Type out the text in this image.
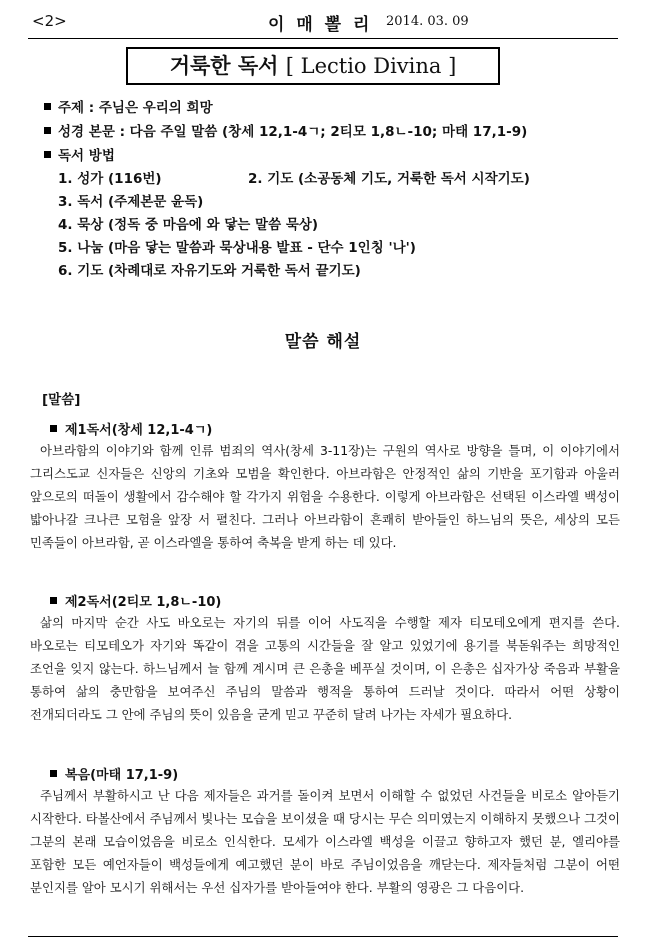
<2>	이 매 뽈 리 2014. 03. 09
거룩한 독서 [ Lectio Divina ]
주제 : 주님은 우리의 희망
성경 본문 : 다음 주일 말씀 (창세 12,1-4ㄱ; 2티모 1,8ㄴ-10; 마태 17,1-9)
독서 방법
1. 성가 (116번)	2. 기도 (소공동체 기도, 거룩한 독서 시작기도)
3. 독서 (주제본문 윤독)
4. 묵상 (정독 중 마음에 와 닿는 말씀 묵상)
5. 나눔 (마음 닿는 말씀과 묵상내용 발표 - 단수 1인칭 '나')
6. 기도 (차례대로 자유기도와 거룩한 독서 끝기도)
말씀 해설
[말씀]
제1독서(창세 12,1-4ㄱ)
아브라함의 이야기와 함께 인류 범죄의 역사(창세 3-11장)는 구원의 역사로 방향을 틀며, 이 이야기에서 그리스도교 신자들은 신앙의 기초와 모범을 확인한다. 아브라함은 안정적인 삶의 기반을 포기함과 아울러 앞으로의 떠돌이 생활에서 감수해야 할 각가지 위험을 수용한다. 이렇게 아브라함은 선택된 이스라엘 백성이 밟아나갈 크나큰 모험을 앞장 서 펼친다. 그러나 아브라함이 흔쾌히 받아들인 하느님의 뜻은, 세상의 모든 민족들이 아브라함, 곧 이스라엘을 통하여 축복을 받게 하는 데 있다.
제2독서(2티모 1,8ㄴ-10)
삶의 마지막 순간 사도 바오로는 자기의 뒤를 이어 사도직을 수행할 제자 티모테오에게 편지를 쓴다. 바오로는 티모테오가 자기와 똑같이 겪을 고통의 시간들을 잘 알고 있었기에 용기를 북돋워주는 희망적인 조언을 잊지 않는다. 하느님께서 늘 함께 계시며 큰 은총을 베푸실 것이며, 이 은총은 십자가상 죽음과 부활을 통하여 삶의 충만함을 보여주신 주님의 말씀과 행적을 통하여 드러날 것이다. 따라서 어떤 상황이 전개되더라도 그 안에 주님의 뜻이 있음을 굳게 믿고 꾸준히 달려 나가는 자세가 필요하다.
복음(마태 17,1-9)
주님께서 부활하시고 난 다음 제자들은 과거를 돌이켜 보면서 이해할 수 없었던 사건들을 비로소 알아듣기 시작한다. 타볼산에서 주님께서 빛나는 모습을 보이셨을 때 당시는 무슨 의미였는지 이해하지 못했으나 그것이 그분의 본래 모습이었음을 비로소 인식한다. 모세가 이스라엘 백성을 이끌고 향하고자 했던 분, 엘리야를 포함한 모든 예언자들이 백성들에게 예고했던 분이 바로 주님이었음을 깨닫는다. 제자들처럼 그분이 어떤 분인지를 알아 모시기 위해서는 우선 십자가를 받아들여야 한다. 부활의 영광은 그 다음이다.
